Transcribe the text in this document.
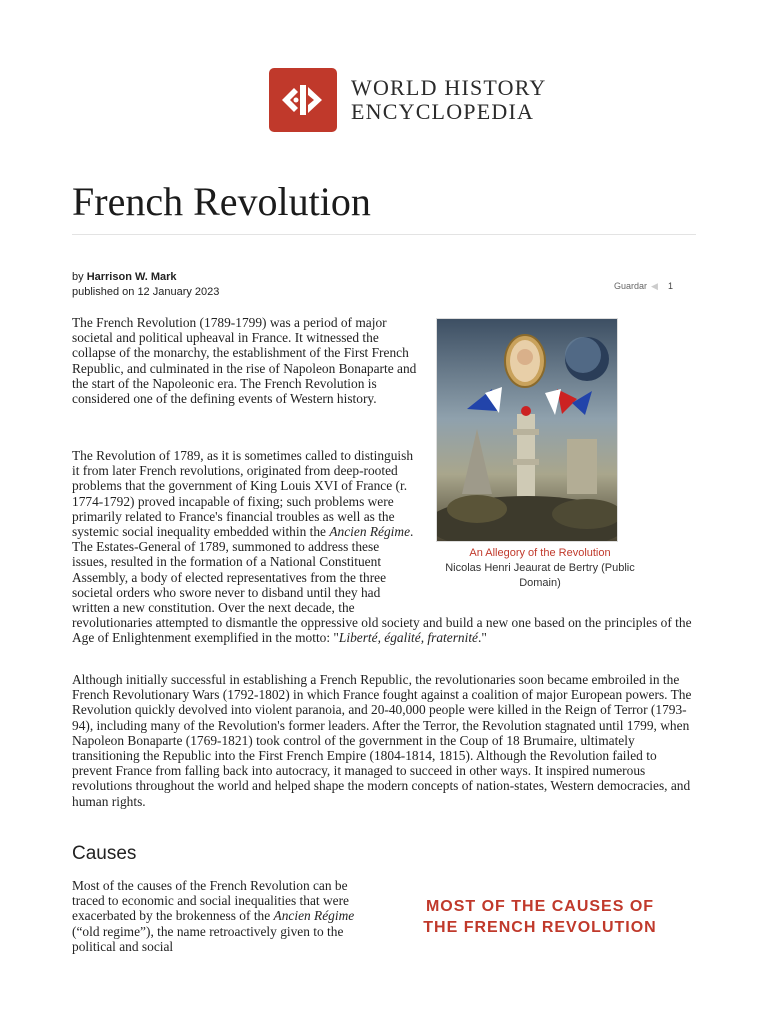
WORLD HISTORY
ENCYCLOPEDIA
French Revolution
by Harrison W. Mark
published on 12 January 2023	Guardar ◀ 1

The French Revolution (1789-1799) was a period of major societal and political upheaval in France. It witnessed the collapse of the monarchy, the establishment of the First French Republic, and culminated in the rise of Napoleon Bonaparte and the start of the Napoleonic era. The French Revolution is considered one of the defining events of Western history.

An Allegory of the Revolution
Nicolas Henri Jeaurat de Bertry (Public Domain)

The Revolution of 1789, as it is sometimes called to distinguish it from later French revolutions, originated from deep-rooted problems that the government of King Louis XVI of France (r. 1774-1792) proved incapable of fixing; such problems were primarily related to France's financial troubles as well as the systemic social inequality embedded within the Ancien Régime. The Estates-General of 1789, summoned to address these issues, resulted in the formation of a National Constituent Assembly, a body of elected representatives from the three societal orders who swore never to disband until they had written a new constitution. Over the next decade, the revolutionaries attempted to dismantle the oppressive old society and build a new one based on the principles of the Age of Enlightenment exemplified in the motto: "Liberté, égalité, fraternité."

Although initially successful in establishing a French Republic, the revolutionaries soon became embroiled in the French Revolutionary Wars (1792-1802) in which France fought against a coalition of major European powers. The Revolution quickly devolved into violent paranoia, and 20-40,000 people were killed in the Reign of Terror (1793-94), including many of the Revolution's former leaders. After the Terror, the Revolution stagnated until 1799, when Napoleon Bonaparte (1769-1821) took control of the government in the Coup of 18 Brumaire, ultimately transitioning the Republic into the First French Empire (1804-1814, 1815). Although the Revolution failed to prevent France from falling back into autocracy, it managed to succeed in other ways. It inspired numerous revolutions throughout the world and helped shape the modern concepts of nation-states, Western democracies, and human rights.

Causes

Most of the causes of the French Revolution can be traced to economic and social inequalities that were exacerbated by the brokenness of the Ancien Régime (“old regime”), the name retroactively given to the political and social

MOST OF THE CAUSES OF THE FRENCH REVOLUTION
